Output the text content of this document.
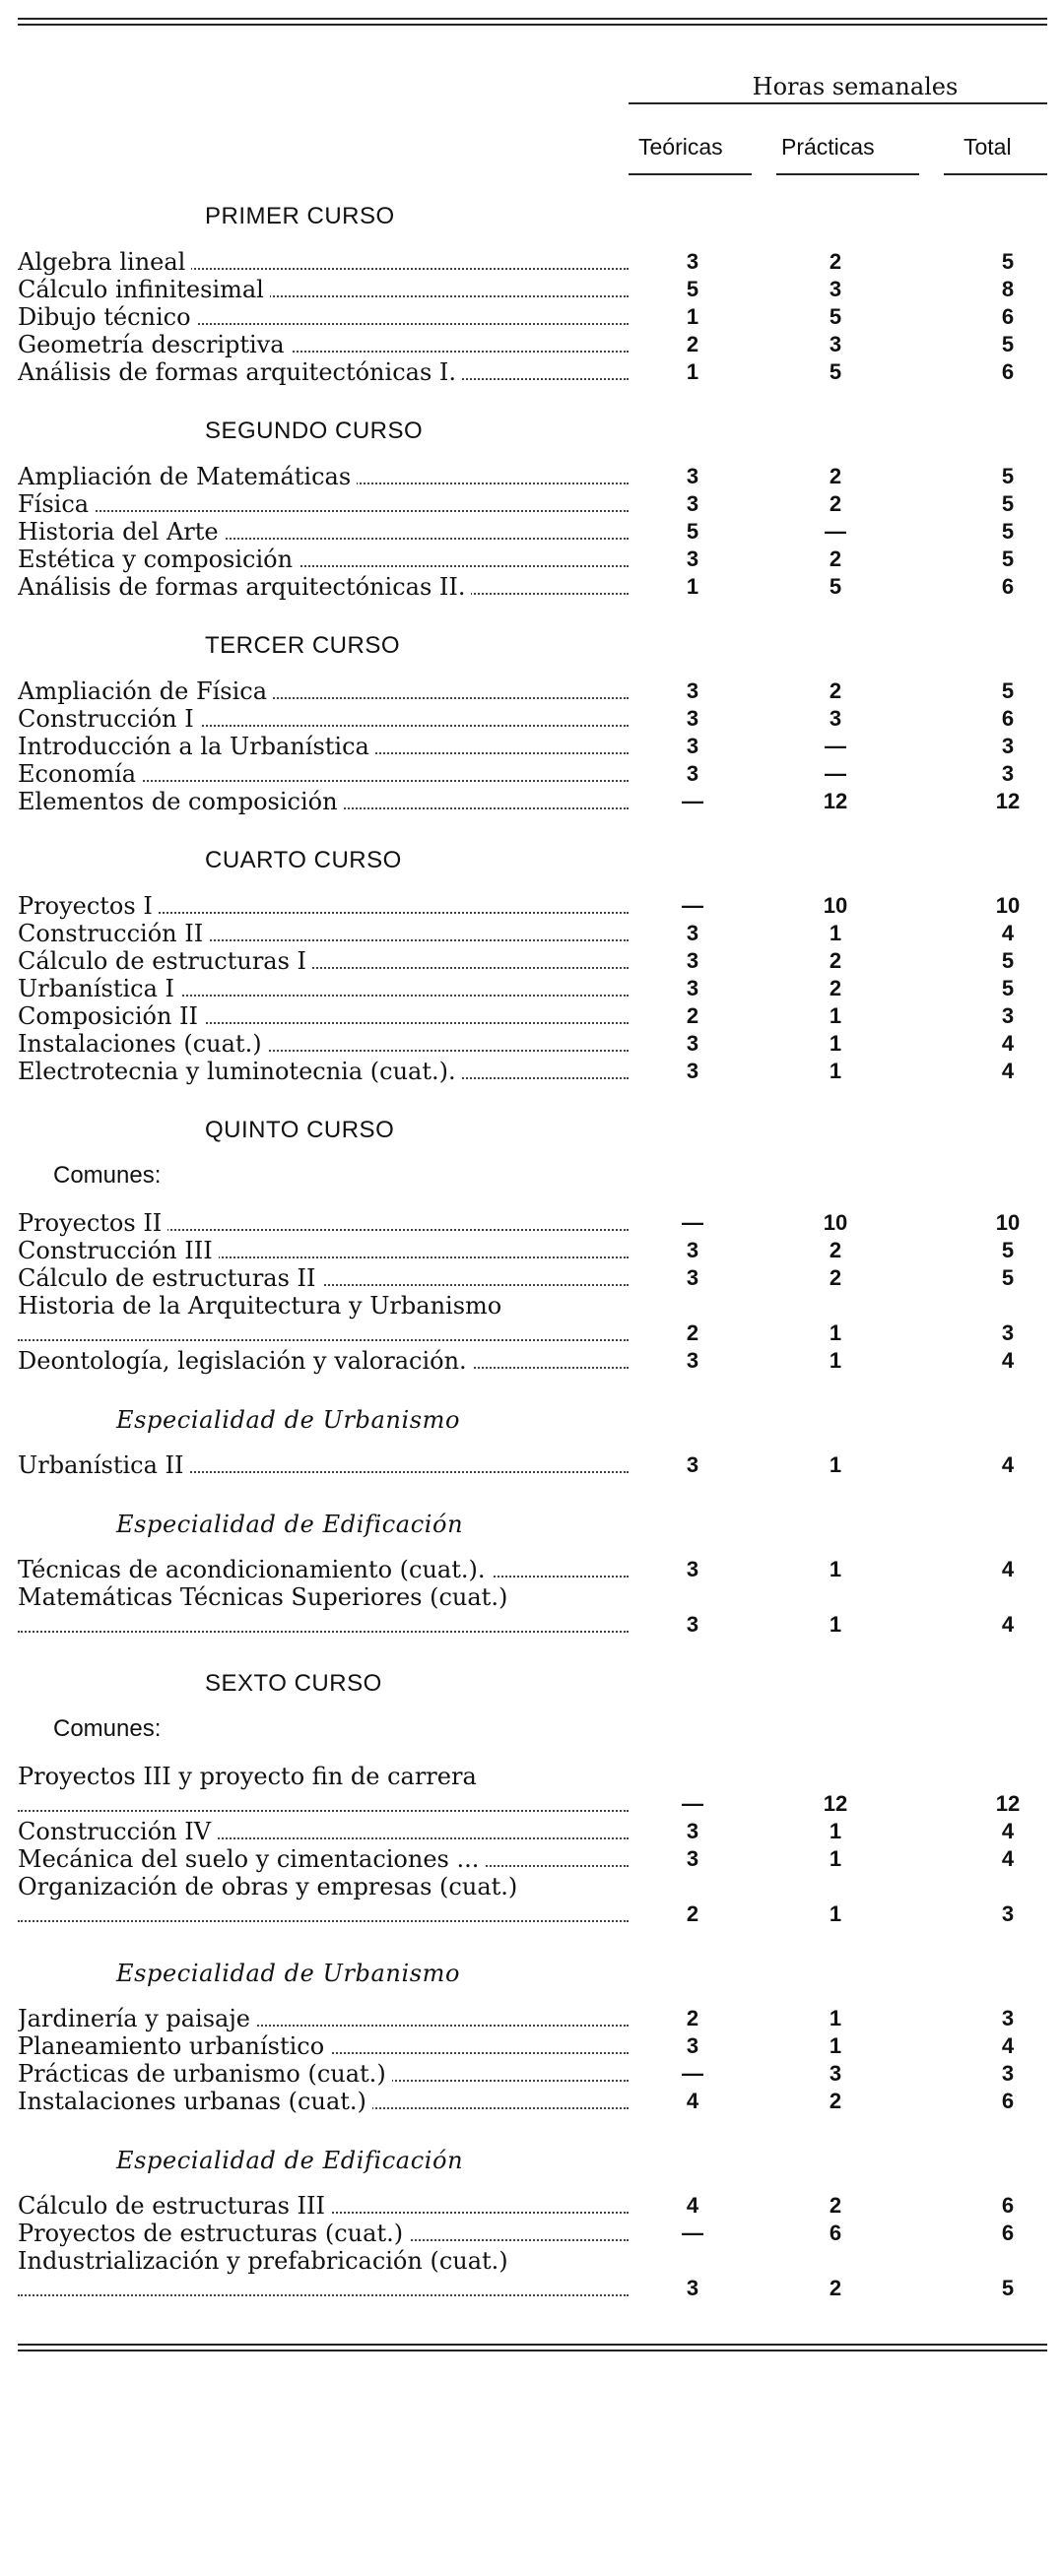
Horas semanales
Teóricas	Prácticas	Total
PRIMER CURSO
Algebra lineal	3	2	5
Cálculo infinitesimal	5	3	8
Dibujo técnico	1	5	6
Geometría descriptiva	2	3	5
Análisis de formas arquitectónicas I.	1	5	6
SEGUNDO CURSO
Ampliación de Matemáticas	3	2	5
Física	3	2	5
Historia del Arte	5	—	5
Estética y composición	3	2	5
Análisis de formas arquitectónicas II.	1	5	6
TERCER CURSO
Ampliación de Física	3	2	5
Construcción I	3	3	6
Introducción a la Urbanística	3	—	3
Economía	3	—	3
Elementos de composición	—	12	12
CUARTO CURSO
Proyectos I	—	10	10
Construcción II	3	1	4
Cálculo de estructuras I	3	2	5
Urbanística I	3	2	5
Composición II	2	1	3
Instalaciones (cuat.)	3	1	4
Electrotecnia y luminotecnia (cuat.).	3	1	4
QUINTO CURSO
Comunes:
Proyectos II	—	10	10
Construcción III	3	2	5
Cálculo de estructuras II	3	2	5
Historia de la Arquitectura y Urbanismo
2	1	3
Deontología, legislación y valoración.	3	1	4
Especialidad de Urbanismo
Urbanística II	3	1	4
Especialidad de Edificación
Técnicas de acondicionamiento (cuat.).	3	1	4
Matemáticas Técnicas Superiores (cuat.)
3	1	4
SEXTO CURSO
Comunes:
Proyectos III y proyecto fin de carrera
—	12	12
Construcción IV	3	1	4
Mecánica del suelo y cimentaciones ...	3	1	4
Organización de obras y empresas (cuat.)
2	1	3
Especialidad de Urbanismo
Jardinería y paisaje	2	1	3
Planeamiento urbanístico	3	1	4
Prácticas de urbanismo (cuat.)	—	3	3
Instalaciones urbanas (cuat.)	4	2	6
Especialidad de Edificación
Cálculo de estructuras III	4	2	6
Proyectos de estructuras (cuat.)	—	6	6
Industrialización y prefabricación (cuat.)
3	2	5
